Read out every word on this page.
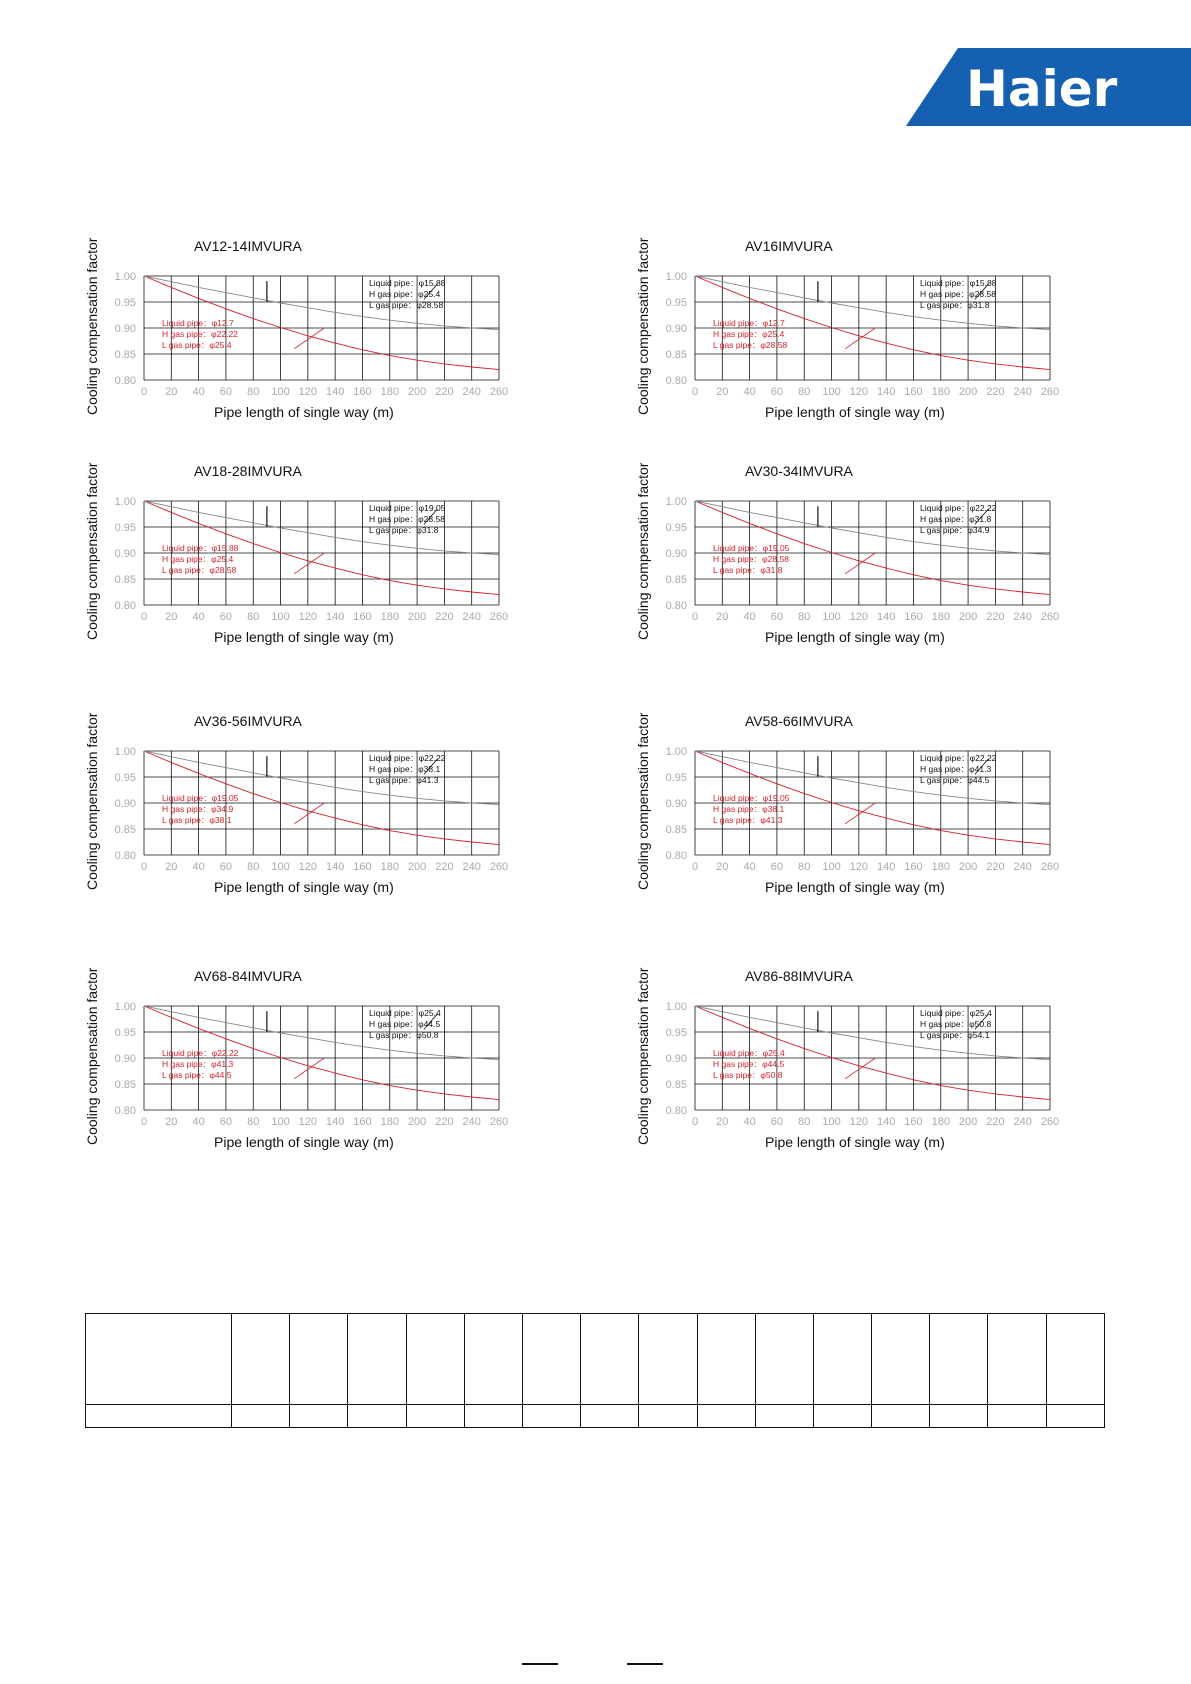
Haier
0 20 40 60 80 100 120 140 160 180 200 220 240 260
1.00
0.95
0.90
0.85
0.80
AV12-14IMVURA
Pipe length of single way (m)
Cooling compensation factor	Liquid pipe：φ15.88
H gas pipe：φ25.4
L gas pipe：φ28.58
Liquid pipe：φ12.7
H gas pipe：φ22.22
L gas pipe：φ25.4
0 20 40 60 80 100 120 140 160 180 200 220 240 260
1.00
0.95
0.90
0.85
0.80
AV16IMVURA
Pipe length of single way (m)
Cooling compensation factor	Liquid pipe：φ15.88
H gas pipe：φ28.58
L gas pipe：φ31.8
Liquid pipe：φ12.7
H gas pipe：φ25.4
L gas pipe：φ28.58
0 20 40 60 80 100 120 140 160 180 200 220 240 260
1.00
0.95
0.90
0.85
0.80
AV18-28IMVURA
Pipe length of single way (m)
Cooling compensation factor	Liquid pipe：φ19.05
H gas pipe：φ28.58
L gas pipe：φ31.8
Liquid pipe：φ15.88
H gas pipe：φ25.4
L gas pipe：φ28.58
0 20 40 60 80 100 120 140 160 180 200 220 240 260
1.00
0.95
0.90
0.85
0.80
AV30-34IMVURA
Pipe length of single way (m)
Cooling compensation factor	Liquid pipe：φ22.22
H gas pipe：φ31.8
L gas pipe：φ34.9
Liquid pipe：φ19.05
H gas pipe：φ28.58
L gas pipe：φ31.8
0 20 40 60 80 100 120 140 160 180 200 220 240 260
1.00
0.95
0.90
0.85
0.80
AV36-56IMVURA
Pipe length of single way (m)
Cooling compensation factor	Liquid pipe：φ22.22
H gas pipe：φ38.1
L gas pipe：φ41.3
Liquid pipe：φ19.05
H gas pipe：φ34.9
L gas pipe：φ38.1
0 20 40 60 80 100 120 140 160 180 200 220 240 260
1.00
0.95
0.90
0.85
0.80
AV58-66IMVURA
Pipe length of single way (m)
Cooling compensation factor	Liquid pipe：φ22.22
H gas pipe：φ41.3
L gas pipe：φ44.5
Liquid pipe：φ19.05
H gas pipe：φ38.1
L gas pipe：φ41.3
0 20 40 60 80 100 120 140 160 180 200 220 240 260
1.00
0.95
0.90
0.85
0.80
AV68-84IMVURA
Pipe length of single way (m)
Cooling compensation factor	Liquid pipe：φ25.4
H gas pipe：φ44.5
L gas pipe：φ50.8
Liquid pipe：φ22.22
H gas pipe：φ41.3
L gas pipe：φ44.5
0 20 40 60 80 100 120 140 160 180 200 220 240 260
1.00
0.95
0.90
0.85
0.80
AV86-88IMVURA
Pipe length of single way (m)
Cooling compensation factor	Liquid pipe：φ25.4
H gas pipe：φ50.8
L gas pipe：φ54.1
Liquid pipe：φ25.4
H gas pipe：φ44.5
L gas pipe：φ50.8
